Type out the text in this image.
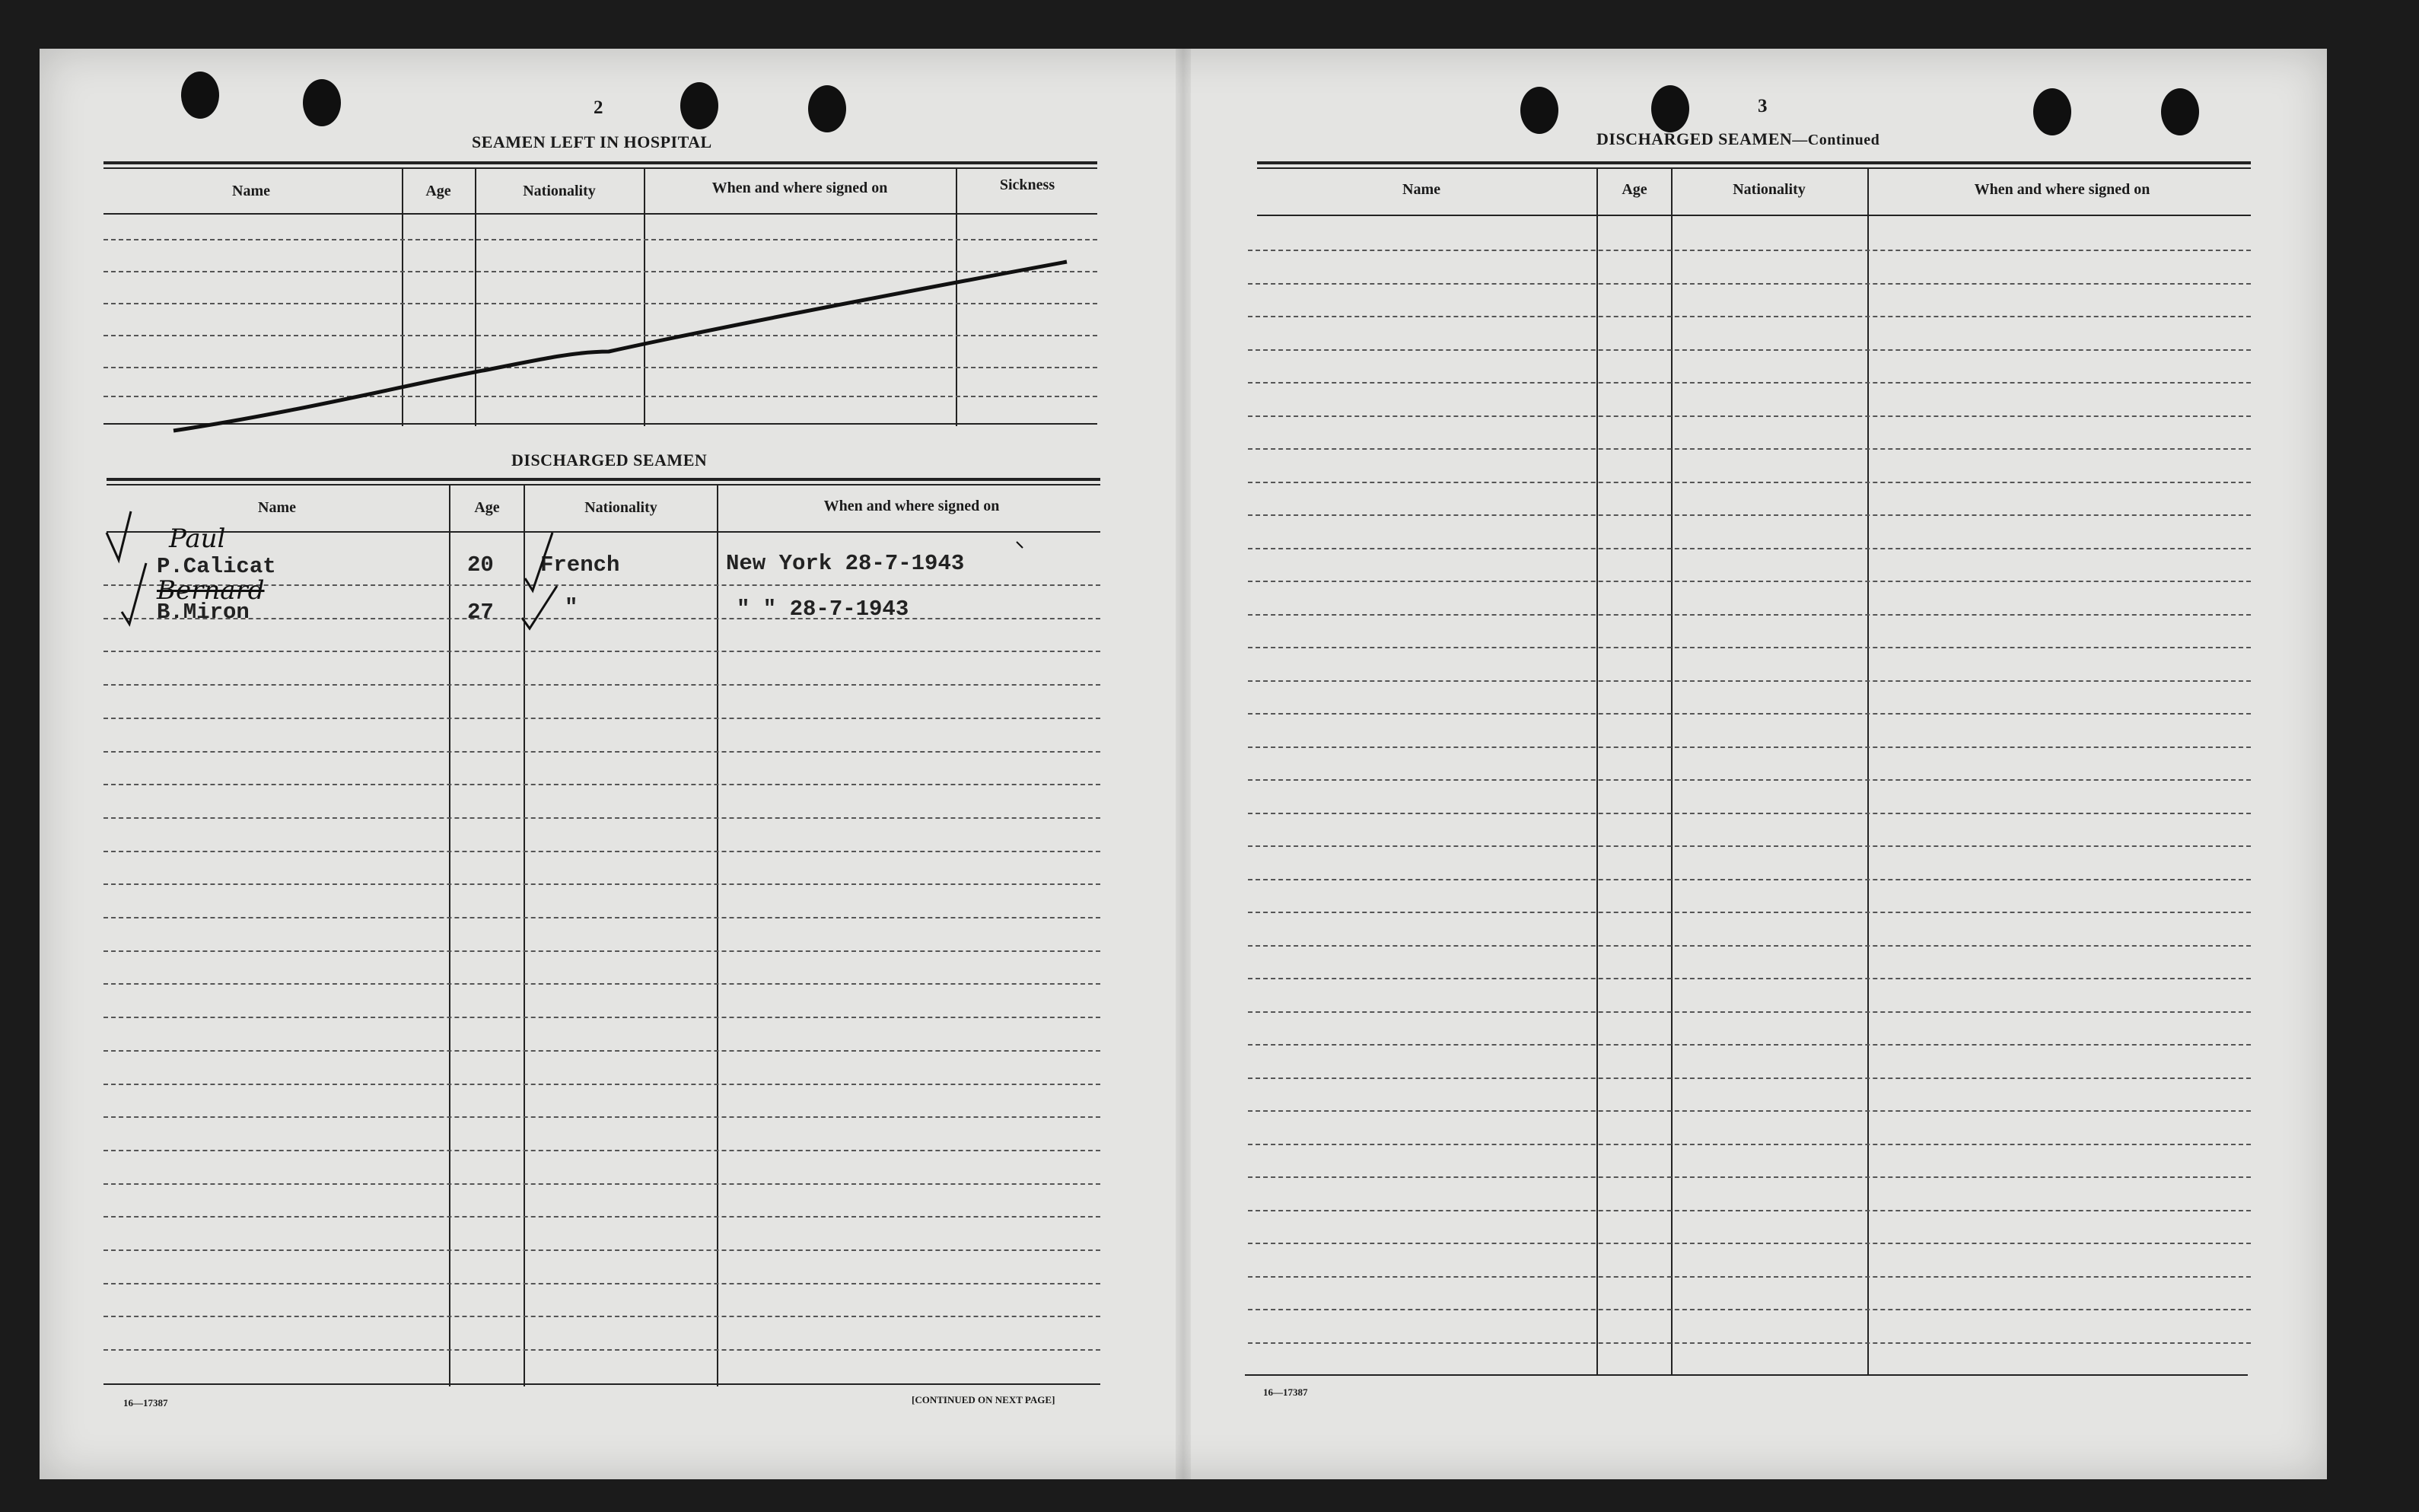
2
SEAMEN LEFT IN HOSPITAL
Name	Age	Nationality	When and where signed on	Sickness
DISCHARGED SEAMEN
Name	Age	Nationality	When and where signed on
Paul
P.Calicat	20 French	New York 28-7-1943
Bernard
B.Miron	27	"	" " 28-7-1943
16—17387	[CONTINUED ON NEXT PAGE]
3
DISCHARGED SEAMEN—Continued
Name	Age	Nationality	When and where signed on
16—17387
